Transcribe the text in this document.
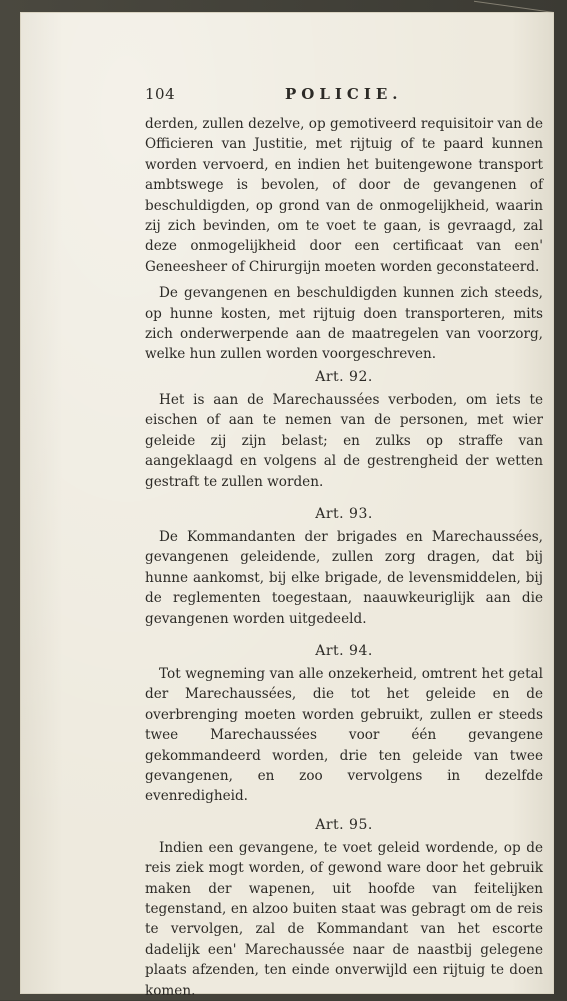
104	POLICIE.

derden, zullen dezelve, op gemotiveerd requisitoir van de Officieren van Justitie, met rijtuig of te paard kunnen worden vervoerd, en indien het buitengewone transport ambtswege is bevolen, of door de gevangenen of beschuldigden, op grond van de onmogelijkheid, waarin zij zich bevinden, om te voet te gaan, is gevraagd, zal deze onmogelijkheid door een certificaat van een' Geneesheer of Chirurgijn moeten worden geconstateerd.

De gevangenen en beschuldigden kunnen zich steeds, op hunne kosten, met rijtuig doen transporteren, mits zich onderwerpende aan de maatregelen van voorzorg, welke hun zullen worden voorgeschreven.

Art. 92.

Het is aan de Marechaussées verboden, om iets te eischen of aan te nemen van de personen, met wier geleide zij zijn belast; en zulks op straffe van aangeklaagd en volgens al de gestrengheid der wetten gestraft te zullen worden.

Art. 93.

De Kommandanten der brigades en Marechaussées, gevangenen geleidende, zullen zorg dragen, dat bij hunne aankomst, bij elke brigade, de levensmiddelen, bij de reglementen toegestaan, naauwkeuriglijk aan die gevangenen worden uitgedeeld.

Art. 94.

Tot wegneming van alle onzekerheid, omtrent het getal der Marechaussées, die tot het geleide en de overbrenging moeten worden gebruikt, zullen er steeds twee Marechaussées voor één gevangene gekommandeerd worden, drie ten geleide van twee gevangenen, en zoo vervolgens in dezelfde evenredigheid.

Art. 95.

Indien een gevangene, te voet geleid wordende, op de reis ziek mogt worden, of gewond ware door het gebruik maken der wapenen, uit hoofde van feitelijken tegenstand, en alzoo buiten staat was gebragt om de reis te vervolgen, zal de Kommandant van het escorte dadelijk een' Marechaussée naar de naastbij gelegene plaats afzenden, ten einde onverwijld een rijtuig te doen komen.
